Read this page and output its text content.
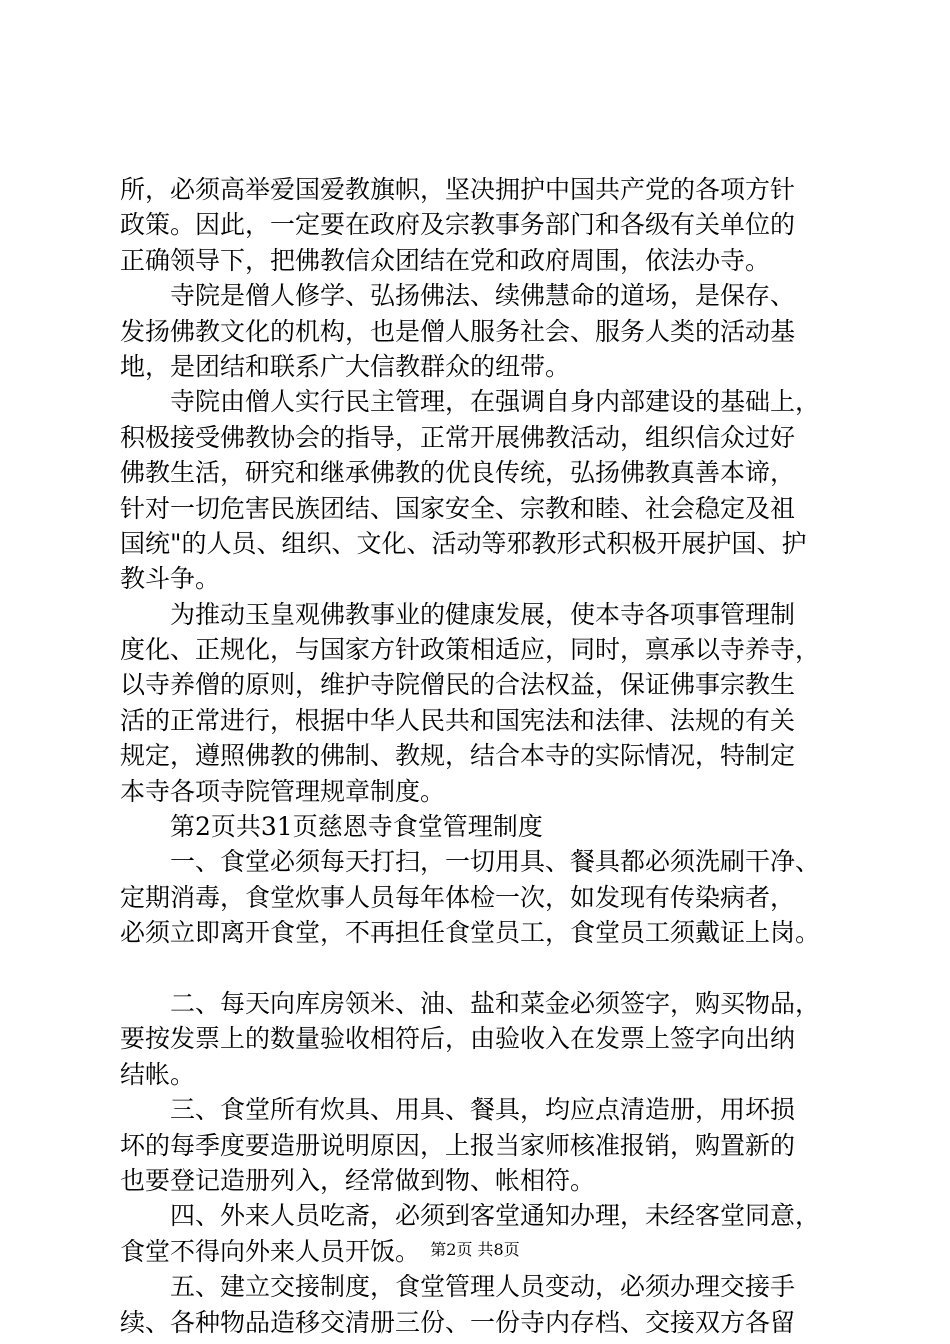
所，必须高举爱国爱教旗帜，坚决拥护中国共产党的各项方针
政策。因此，一定要在政府及宗教事务部门和各级有关单位的
正确领导下，把佛教信众团结在党和政府周围，依法办寺。
　　寺院是僧人修学、弘扬佛法、续佛慧命的道场，是保存、
发扬佛教文化的机构，也是僧人服务社会、服务人类的活动基
地，是团结和联系广大信教群众的纽带。
　　寺院由僧人实行民主管理，在强调自身内部建设的基础上，
积极接受佛教协会的指导，正常开展佛教活动，组织信众过好
佛教生活，研究和继承佛教的优良传统，弘扬佛教真善本谛，
针对一切危害民族团结、国家安全、宗教和睦、社会稳定及祖
国统"的人员、组织、文化、活动等邪教形式积极开展护国、护
教斗争。
　　为推动玉皇观佛教事业的健康发展，使本寺各项事管理制
度化、正规化，与国家方针政策相适应，同时，禀承以寺养寺，
以寺养僧的原则，维护寺院僧民的合法权益，保证佛事宗教生
活的正常进行，根据中华人民共和国宪法和法律、法规的有关
规定，遵照佛教的佛制、教规，结合本寺的实际情况，特制定
本寺各项寺院管理规章制度。
　　第2页共31页慈恩寺食堂管理制度
　　一、食堂必须每天打扫，一切用具、餐具都必须洗刷干净、
定期消毒，食堂炊事人员每年体检一次，如发现有传染病者，
必须立即离开食堂，不再担任食堂员工，食堂员工须戴证上岗。
　　二、每天向库房领米、油、盐和菜金必须签字，购买物品，
要按发票上的数量验收相符后，由验收入在发票上签字向出纳
结帐。
　　三、食堂所有炊具、用具、餐具，均应点清造册，用坏损
坏的每季度要造册说明原因，上报当家师核准报销，购置新的
也要登记造册列入，经常做到物、帐相符。
　　四、外来人员吃斋，必须到客堂通知办理，未经客堂同意，
食堂不得向外来人员开饭。
　　五、建立交接制度，食堂管理人员变动，必须办理交接手
续、各种物品造移交清册三份、一份寺内存档、交接双方各留
第2页 共8页
